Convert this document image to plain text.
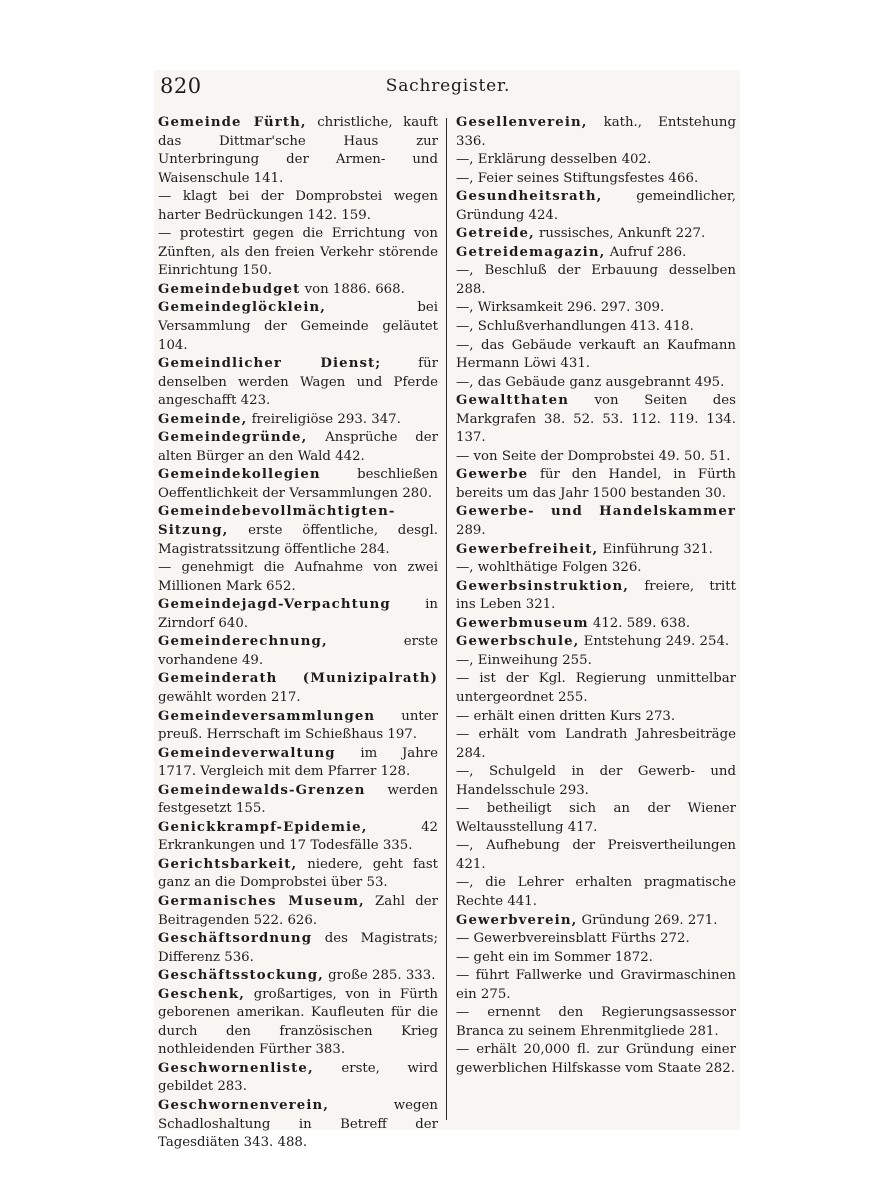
820	Sachregister.
Gemeinde Fürth, christliche, kauft das Dittmar'sche Haus zur Unterbringung der Armen- und Waisenschule 141.
— klagt bei der Domprobstei wegen harter Bedrückungen 142. 159.
— protestirt gegen die Errichtung von Zünften, als den freien Verkehr störende Einrichtung 150.
Gemeindebudget von 1886. 668.
Gemeindeglöcklein, bei Versammlung der Gemeinde geläutet 104.
Gemeindlicher Dienst; für denselben werden Wagen und Pferde angeschafft 423.
Gemeinde, freireligiöse 293. 347.
Gemeindegründe, Ansprüche der alten Bürger an den Wald 442.
Gemeindekollegien beschließen Oeffentlichkeit der Versammlungen 280.
Gemeindebevollmächtigten-Sitzung, erste öffentliche, desgl. Magistratssitzung öffentliche 284.
— genehmigt die Aufnahme von zwei Millionen Mark 652.
Gemeindejagd-Verpachtung in Zirndorf 640.
Gemeinderechnung, erste vorhandene 49.
Gemeinderath (Munizipalrath) gewählt worden 217.
Gemeindeversammlungen unter preuß. Herrschaft im Schießhaus 197.
Gemeindeverwaltung im Jahre 1717. Vergleich mit dem Pfarrer 128.
Gemeindewalds-Grenzen werden festgesetzt 155.
Genickkrampf-Epidemie, 42 Erkrankungen und 17 Todesfälle 335.
Gerichtsbarkeit, niedere, geht fast ganz an die Domprobstei über 53.
Germanisches Museum, Zahl der Beitragenden 522. 626.
Geschäftsordnung des Magistrats; Differenz 536.
Geschäftsstockung, große 285. 333.
Geschenk, großartiges, von in Fürth geborenen amerikan. Kaufleuten für die durch den französischen Krieg nothleidenden Fürther 383.
Geschwornenliste, erste, wird gebildet 283.
Geschwornenverein, wegen Schadloshaltung in Betreff der Tagesdiäten 343. 488.
Gesellenverein, kath., Entstehung 336.
—, Erklärung desselben 402.
—, Feier seines Stiftungsfestes 466.
Gesundheitsrath, gemeindlicher, Gründung 424.
Getreide, russisches, Ankunft 227.
Getreidemagazin, Aufruf 286.
—, Beschluß der Erbauung desselben 288.
—, Wirksamkeit 296. 297. 309.
—, Schlußverhandlungen 413. 418.
—, das Gebäude verkauft an Kaufmann Hermann Löwi 431.
—, das Gebäude ganz ausgebrannt 495.
Gewaltthaten von Seiten des Markgrafen 38. 52. 53. 112. 119. 134. 137.
— von Seite der Domprobstei 49. 50. 51.
Gewerbe für den Handel, in Fürth bereits um das Jahr 1500 bestanden 30.
Gewerbe- und Handelskammer 289.
Gewerbefreiheit, Einführung 321.
—, wohlthätige Folgen 326.
Gewerbsinstruktion, freiere, tritt ins Leben 321.
Gewerbmuseum 412. 589. 638.
Gewerbschule, Entstehung 249. 254.
—, Einweihung 255.
— ist der Kgl. Regierung unmittelbar untergeordnet 255.
— erhält einen dritten Kurs 273.
— erhält vom Landrath Jahresbeiträge 284.
—, Schulgeld in der Gewerb- und Handelsschule 293.
— betheiligt sich an der Wiener Weltausstellung 417.
—, Aufhebung der Preisvertheilungen 421.
—, die Lehrer erhalten pragmatische Rechte 441.
Gewerbverein, Gründung 269. 271.
— Gewerbvereinsblatt Fürths 272.
— geht ein im Sommer 1872.
— führt Fallwerke und Gravirmaschinen ein 275.
— ernennt den Regierungsassessor Branca zu seinem Ehrenmitgliede 281.
— erhält 20,000 fl. zur Gründung einer gewerblichen Hilfskasse vom Staate 282.
